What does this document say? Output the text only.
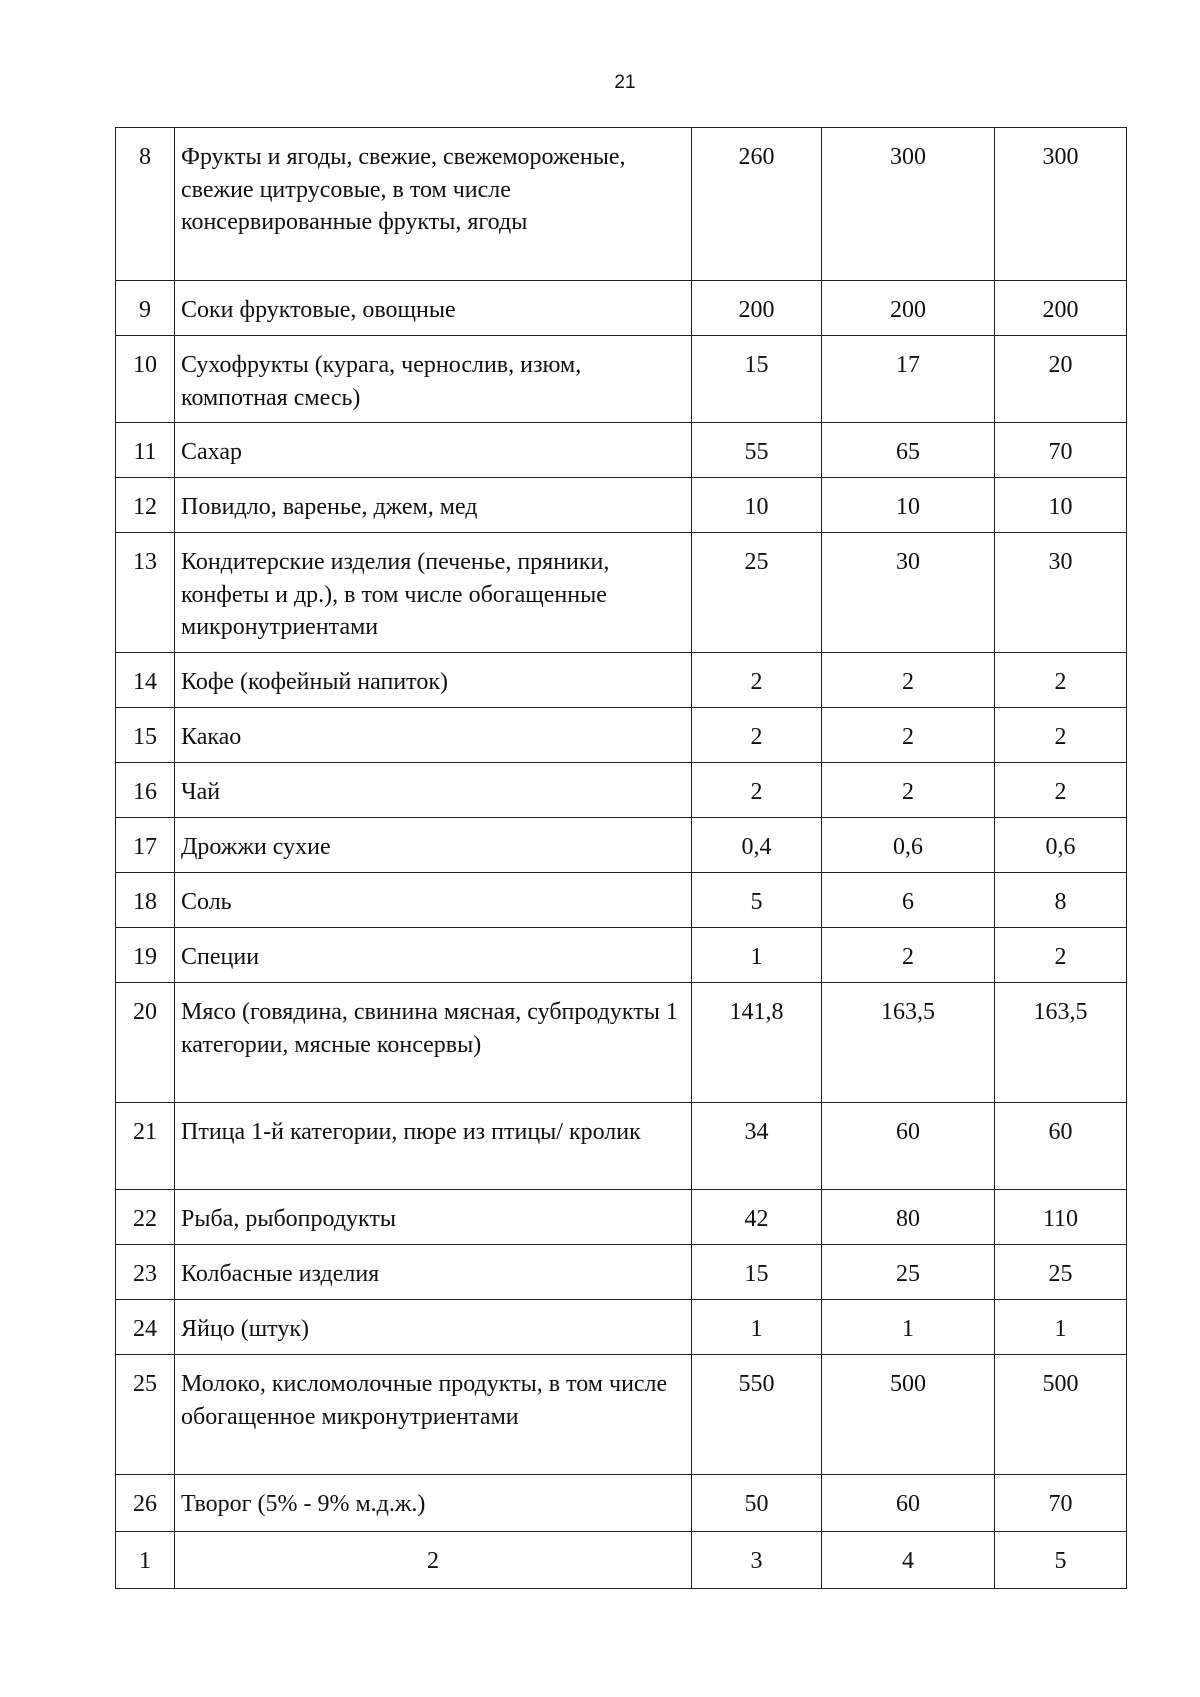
21
8	Фрукты и ягоды, свежие, свежемороженые, свежие цитрусовые, в том числе консервированные фрукты, ягоды	260	300	300
9	Соки фруктовые, овощные	200	200	200
10	Сухофрукты (курага, чернослив, изюм, компотная смесь)	15	17	20
11	Сахар	55	65	70
12	Повидло, варенье, джем, мед	10	10	10
13	Кондитерские изделия (печенье, пряники, конфеты и др.), в том числе обогащенные микронутриентами	25	30	30
14	Кофе (кофейный напиток)	2	2	2
15	Какао	2	2	2
16	Чай	2	2	2
17	Дрожжи сухие	0,4	0,6	0,6
18	Соль	5	6	8
19	Специи	1	2	2
20	Мясо (говядина, свинина мясная, субпродукты 1 категории, мясные консервы)	141,8	163,5	163,5
21	Птица 1-й категории, пюре из птицы/ кролик	34	60	60
22	Рыба, рыбопродукты	42	80	110
23	Колбасные изделия	15	25	25
24	Яйцо (штук)	1	1	1
25	Молоко, кисломолочные продукты, в том числе обогащенное микронутриентами	550	500	500
26	Творог (5% - 9% м.д.ж.)	50	60	70
1	2	3	4	5
